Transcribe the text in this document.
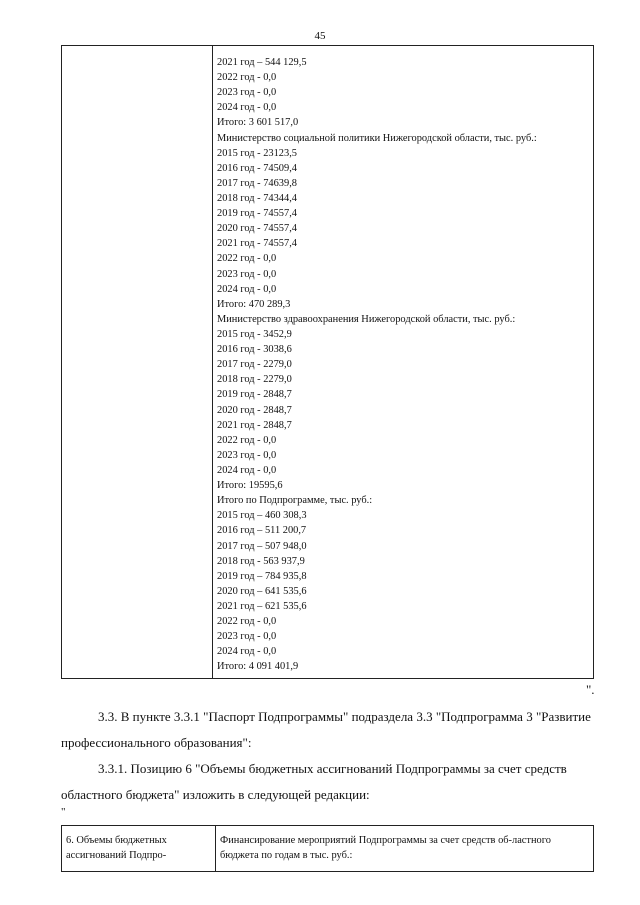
45
2021 год – 544 129,5
2022 год - 0,0
2023 год - 0,0
2024 год - 0,0
Итого: 3 601 517,0
Министерство социальной политики Нижегородской области, тыс. руб.:
2015 год - 23123,5
2016 год - 74509,4
2017 год - 74639,8
2018 год - 74344,4
2019 год - 74557,4
2020 год - 74557,4
2021 год - 74557,4
2022 год - 0,0
2023 год - 0,0
2024 год - 0,0
Итого: 470 289,3
Министерство здравоохранения Нижегородской области, тыс. руб.:
2015 год - 3452,9
2016 год - 3038,6
2017 год - 2279,0
2018 год - 2279,0
2019 год - 2848,7
2020 год - 2848,7
2021 год - 2848,7
2022 год - 0,0
2023 год - 0,0
2024 год - 0,0
Итого: 19595,6
Итого по Подпрограмме, тыс. руб.:
2015 год – 460 308,3
2016 год – 511 200,7
2017 год – 507 948,0
2018 год - 563 937,9
2019 год – 784 935,8
2020 год – 641 535,6
2021 год – 621 535,6
2022 год - 0,0
2023 год - 0,0
2024 год - 0,0
Итого: 4 091 401,9
".
3.3. В пункте 3.3.1 "Паспорт Подпрограммы" подраздела 3.3 "Подпрограмма 3 "Развитие профессионального образования":
3.3.1. Позицию 6 "Объемы бюджетных ассигнований Подпрограммы за счет средств областного бюджета" изложить в следующей редакции:
"
6. Объемы бюджетных ассигнований Подпро-
Финансирование мероприятий Подпрограммы за счет средств об-ластного бюджета по годам в тыс. руб.:
